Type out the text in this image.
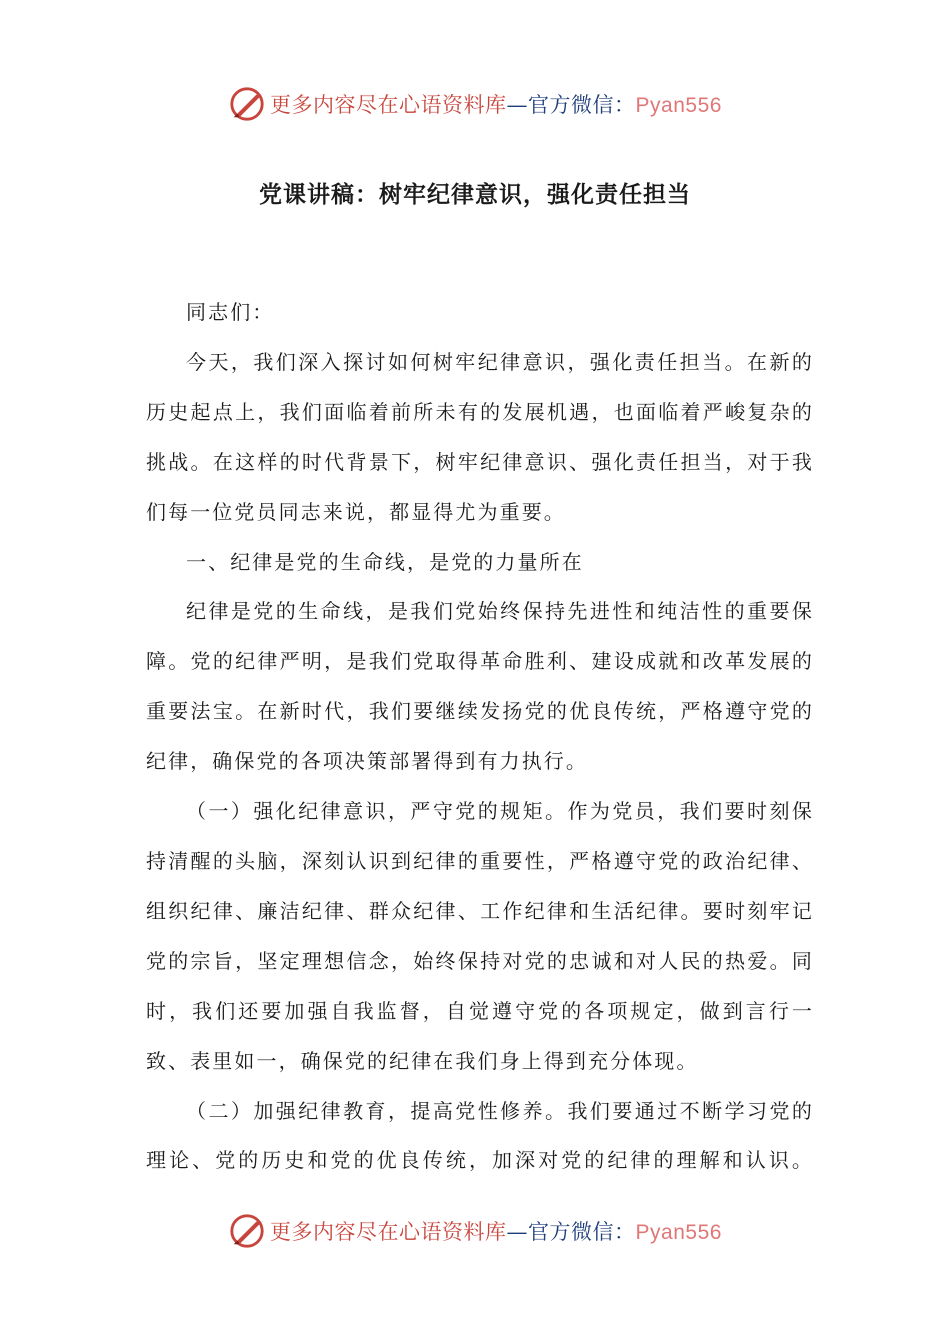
更多内容尽在心语资料库—官方微信：Pyan556
党课讲稿：树牢纪律意识，强化责任担当

同志们：

今天，我们深入探讨如何树牢纪律意识，强化责任担当。在新的历史起点上，我们面临着前所未有的发展机遇，也面临着严峻复杂的挑战。在这样的时代背景下，树牢纪律意识、强化责任担当，对于我们每一位党员同志来说，都显得尤为重要。

一、纪律是党的生命线，是党的力量所在

纪律是党的生命线，是我们党始终保持先进性和纯洁性的重要保障。党的纪律严明，是我们党取得革命胜利、建设成就和改革发展的重要法宝。在新时代，我们要继续发扬党的优良传统，严格遵守党的纪律，确保党的各项决策部署得到有力执行。

（一）强化纪律意识，严守党的规矩。作为党员，我们要时刻保持清醒的头脑，深刻认识到纪律的重要性，严格遵守党的政治纪律、组织纪律、廉洁纪律、群众纪律、工作纪律和生活纪律。要时刻牢记党的宗旨，坚定理想信念，始终保持对党的忠诚和对人民的热爱。同时，我们还要加强自我监督，自觉遵守党的各项规定，做到言行一致、表里如一，确保党的纪律在我们身上得到充分体现。

（二）加强纪律教育，提高党性修养。我们要通过不断学习党的理论、党的历史和党的优良传统，加深对党的纪律的理解和认识。

更多内容尽在心语资料库—官方微信：Pyan556
